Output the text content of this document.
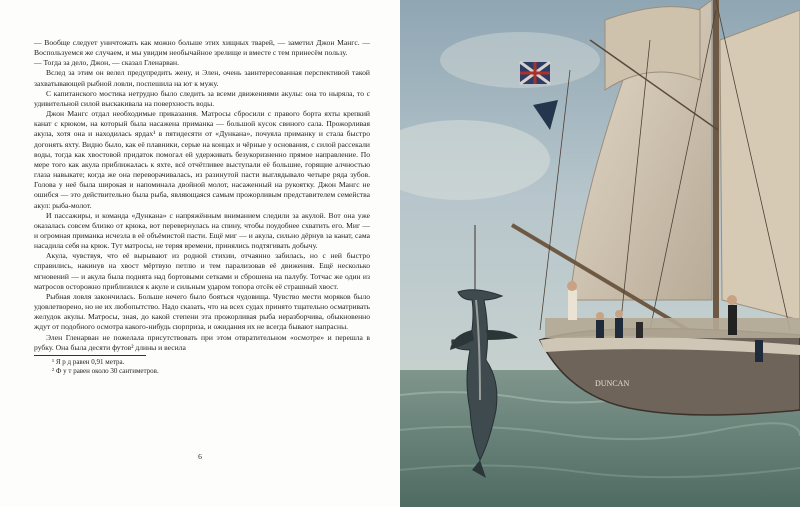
— Вообще следует уничтожать как можно больше этих хищных тварей, — заметил Джон Мангс. — Воспользуемся же случаем, и мы увидим необычайное зрелище и вместе с тем принесём пользу.

— Тогда за дело, Джон, — сказал Гленарван.

Вслед за этим он велел предупредить жену, и Элен, очень заинтересованная перспективой такой захватывающей рыбной ловли, поспешила на ют к мужу.

С капитанского мостика нетрудно было следить за всеми движениями акулы: она то ныряла, то с удивительной силой выскакивала на поверхность воды.

Джон Мангс отдал необходимые приказания. Матросы сбросили с правого борта яхты крепкий канат с крюком, на который была насажена приманка — большой кусок свиного сала. Прожорливая акула, хотя она и находилась ярдах¹ в пятидесяти от «Дункана», почуяла приманку и стала быстро догонять яхту. Видно было, как её плавники, серые на концах и чёрные у основания, с силой рассекали воды, тогда как хвостовой придаток помогал ей удерживать безукоризненно прямое направление. По мере того как акула приближалась к яхте, всё отчётливее выступали её большие, горящие алчностью глаза навыкате; когда же она переворачивалась, из разинутой пасти выглядывало четыре ряда зубов. Голова у неё была широкая и напоминала двойной молот, насаженный на рукоятку. Джон Мангс не ошибся — это действительно была рыба, являющаяся самым прожорливым представителем семейства акул: рыба-молот.

И пассажиры, и команда «Дункана» с напряжённым вниманием следили за акулой. Вот она уже оказалась совсем близко от крюка, вот перевернулась на спину, чтобы поудобнее схватить его. Миг — и огромная приманка исчезла в её объёмистой пасти. Ещё миг — и акула, сильно дёрнув за канат, сама насадила себя на крюк. Тут матросы, не теряя времени, принялись подтягивать добычу.

Акула, чувствуя, что её вырывают из родной стихии, отчаянно забилась, но с ней быстро справились, накинув на хвост мёртвую петлю и тем парализовав её движения. Ещё несколько мгновений — и акула была поднята над бортовыми сетками и сброшена на палубу. Тотчас же один из матросов осторожно приблизился к акуле и сильным ударом топора отсёк её страшный хвост.

Рыбная ловля закончилась. Больше нечего было бояться чудовища. Чувство мести моряков было удовлетворено, но не их любопытство. Надо сказать, что на всех судах принято тщательно осматривать желудок акулы. Матросы, зная, до какой степени эта прожорливая рыба неразборчива, обыкновенно ждут от подобного осмотра какого-нибудь сюрприза, и ожидания их не всегда бывают напрасны.

Элен Гленарван не пожелала присутствовать при этом отвратительном «осмотре» и перешла в рубку. Она была десяти футов² длины и весила

¹ Я р д равен 0,91 метра.
² Ф у т равен около 30 сантиметров.
6
DUNCAN
